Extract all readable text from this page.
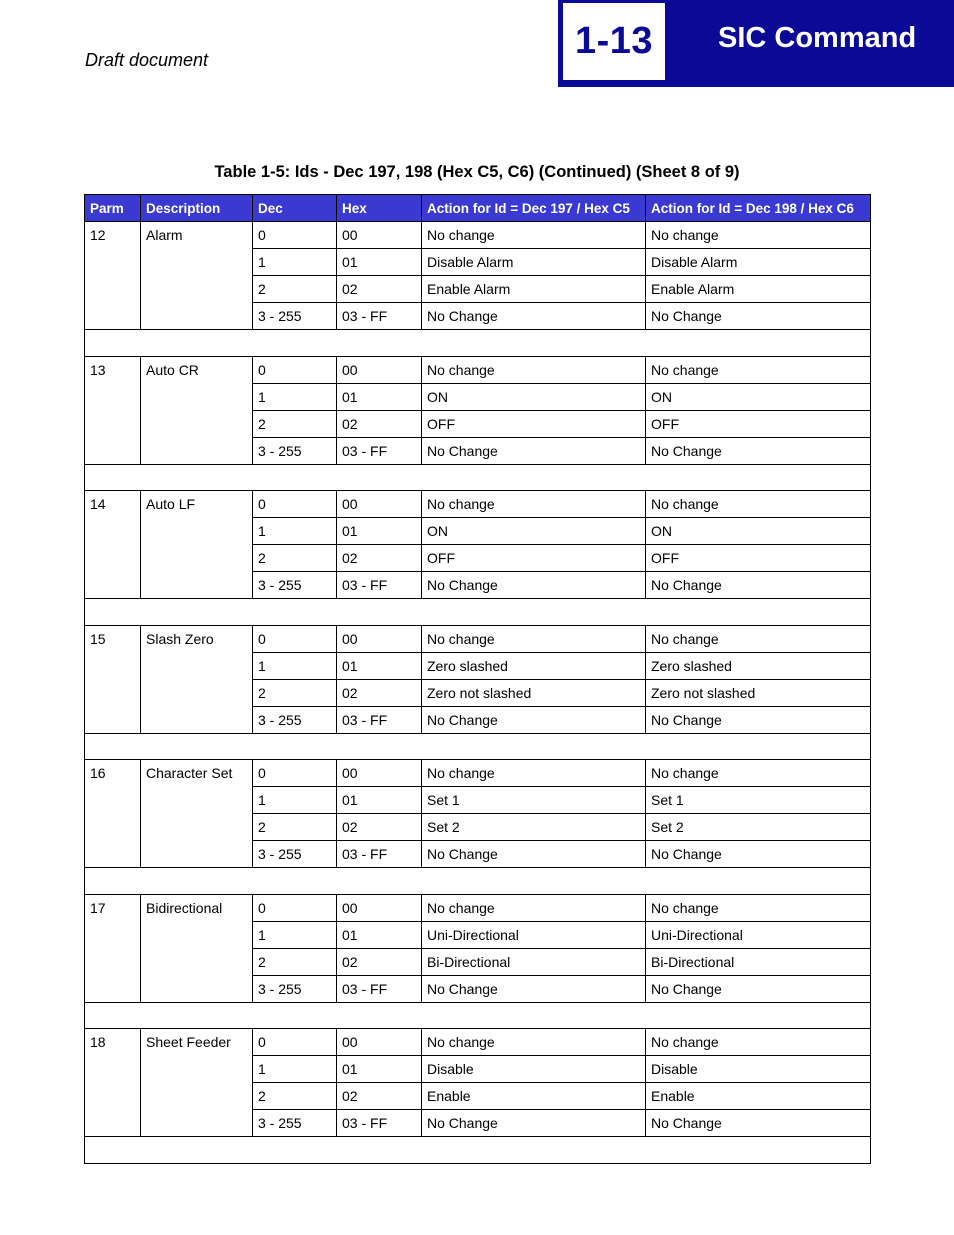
Draft document	1-13 SIC Command
Table 1-5: Ids - Dec 197, 198 (Hex C5, C6) (Continued) (Sheet 8 of 9)
Parm	Description	Dec	Hex	Action for Id = Dec 197 / Hex C5	Action for Id = Dec 198 / Hex C6
12	Alarm	0	00	No change	No change
		1	01	Disable Alarm	Disable Alarm
		2	02	Enable Alarm	Enable Alarm
		3 - 255	03 - FF	No Change	No Change

13	Auto CR	0	00	No change	No change
		1	01	ON	ON
		2	02	OFF	OFF
		3 - 255	03 - FF	No Change	No Change

14	Auto LF	0	00	No change	No change
		1	01	ON	ON
		2	02	OFF	OFF
		3 - 255	03 - FF	No Change	No Change

15	Slash Zero	0	00	No change	No change
		1	01	Zero slashed	Zero slashed
		2	02	Zero not slashed	Zero not slashed
		3 - 255	03 - FF	No Change	No Change

16	Character Set	0	00	No change	No change
		1	01	Set 1	Set 1
		2	02	Set 2	Set 2
		3 - 255	03 - FF	No Change	No Change

17	Bidirectional	0	00	No change	No change
		1	01	Uni-Directional	Uni-Directional
		2	02	Bi-Directional	Bi-Directional
		3 - 255	03 - FF	No Change	No Change

18	Sheet Feeder	0	00	No change	No change
		1	01	Disable	Disable
		2	02	Enable	Enable
		3 - 255	03 - FF	No Change	No Change
